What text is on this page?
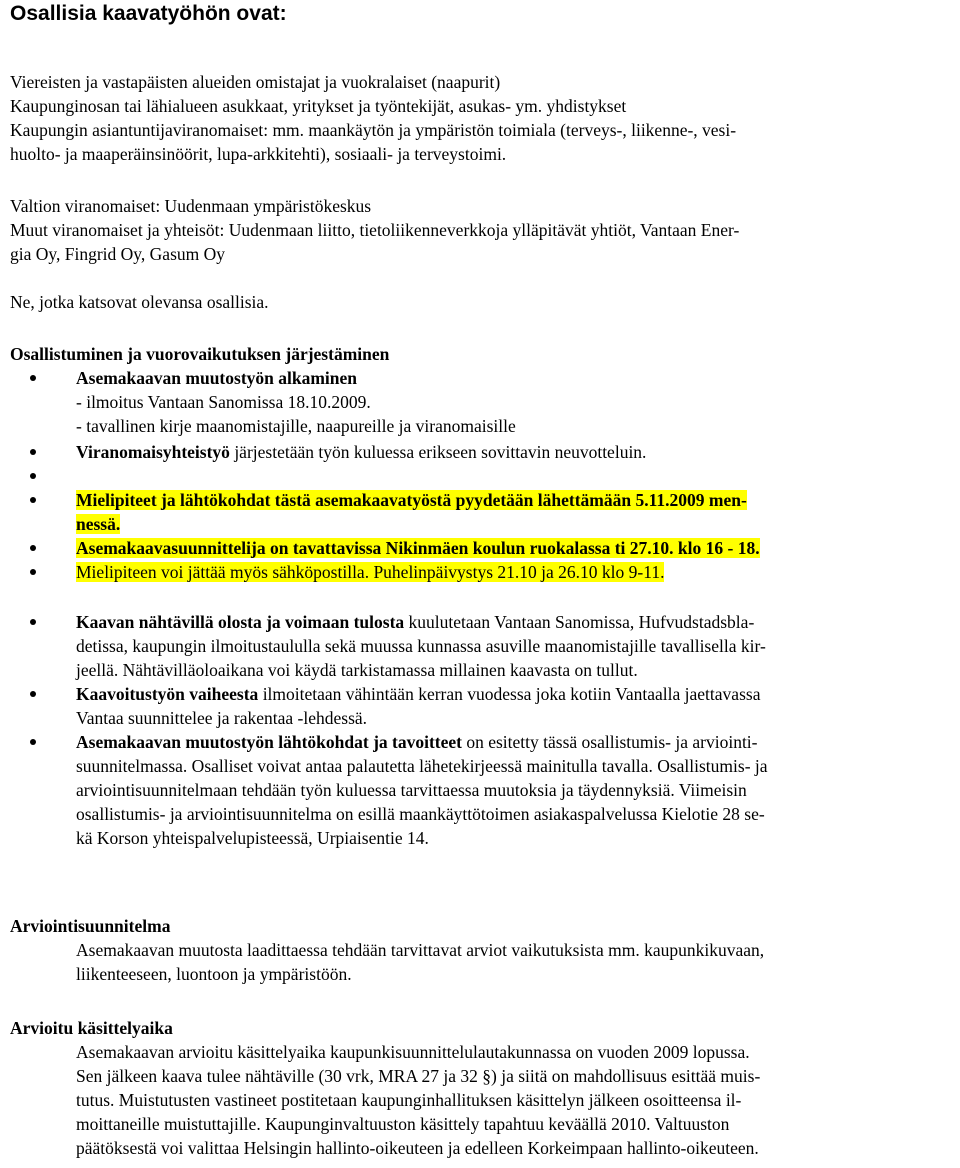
Osallisia kaavatyöhön ovat:
Viereisten ja vastapäisten alueiden omistajat ja vuokralaiset (naapurit)
Kaupunginosan tai lähialueen asukkaat, yritykset ja työntekijät, asukas- ym. yhdistykset
Kaupungin asiantuntijaviranomaiset: mm. maankäytön ja ympäristön toimiala (terveys-, liikenne-, vesi-
huolto- ja maaperäinsinöörit, lupa-arkkitehti), sosiaali- ja terveystoimi.
Valtion viranomaiset: Uudenmaan ympäristökeskus
Muut viranomaiset ja yhteisöt: Uudenmaan liitto, tietoliikenneverkkoja ylläpitävät yhtiöt, Vantaan Ener-
gia Oy, Fingrid Oy, Gasum Oy
Ne, jotka katsovat olevansa osallisia.
Osallistuminen ja vuorovaikutuksen järjestäminen
Asemakaavan muutostyön alkaminen
- ilmoitus Vantaan Sanomissa 18.10.2009.
- tavallinen kirje maanomistajille, naapureille ja viranomaisille
Viranomaisyhteistyö järjestetään työn kuluessa erikseen sovittavin neuvotteluin.
Mielipiteet ja lähtökohdat tästä asemakaavatyöstä pyydetään lähettämään 5.11.2009 men-
nessä.
Asemakaavasuunnittelija on tavattavissa Nikinmäen koulun ruokalassa ti 27.10. klo 16 - 18.
Mielipiteen voi jättää myös sähköpostilla. Puhelinpäivystys 21.10 ja 26.10 klo 9-11.
Kaavan nähtävillä olosta ja voimaan tulosta kuulutetaan Vantaan Sanomissa, Hufvudstadsbla-
detissa, kaupungin ilmoitustaululla sekä muussa kunnassa asuville maanomistajille tavallisella kir-
jeellä. Nähtävilläoloaikana voi käydä tarkistamassa millainen kaavasta on tullut.
Kaavoitustyön vaiheesta ilmoitetaan vähintään kerran vuodessa joka kotiin Vantaalla jaettavassa
Vantaa suunnittelee ja rakentaa -lehdessä.
Asemakaavan muutostyön lähtökohdat ja tavoitteet on esitetty tässä osallistumis- ja arviointi-
suunnitelmassa. Osalliset voivat antaa palautetta lähetekirjeessä mainitulla tavalla. Osallistumis- ja
arviointisuunnitelmaan tehdään työn kuluessa tarvittaessa muutoksia ja täydennyksiä. Viimeisin
osallistumis- ja arviointisuunnitelma on esillä maankäyttötoimen asiakaspalvelussa Kielotie 28 se-
kä Korson yhteispalvelupisteessä, Urpiaisentie 14.
Arviointisuunnitelma
Asemakaavan muutosta laadittaessa tehdään tarvittavat arviot vaikutuksista mm. kaupunkikuvaan,
liikenteeseen, luontoon ja ympäristöön.
Arvioitu käsittelyaika
Asemakaavan arvioitu käsittelyaika kaupunkisuunnittelulautakunnassa on vuoden 2009 lopussa.
Sen jälkeen kaava tulee nähtäville (30 vrk, MRA 27 ja 32 §) ja siitä on mahdollisuus esittää muis-
tutus. Muistutusten vastineet postitetaan kaupunginhallituksen käsittelyn jälkeen osoitteensa il-
moittaneille muistuttajille. Kaupunginvaltuuston käsittely tapahtuu keväällä 2010. Valtuuston
päätöksestä voi valittaa Helsingin hallinto-oikeuteen ja edelleen Korkeimpaan hallinto-oikeuteen.
